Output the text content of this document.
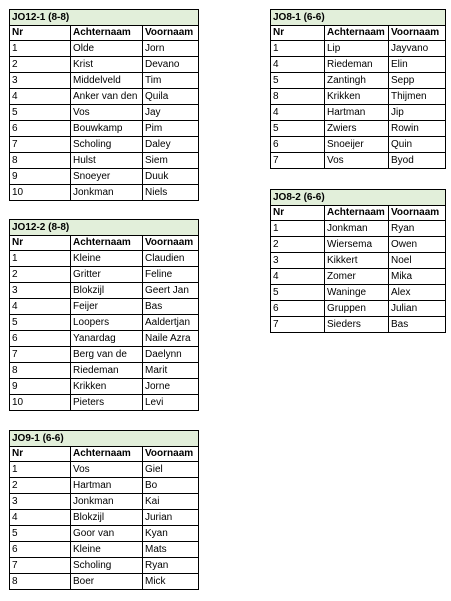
JO12-1 (8-8)		
Nr	Achternaam	Voornaam
1	Olde	Jorn
2	Krist	Devano
3	Middelveld	Tim
4	Anker van den	Quila
5	Vos	Jay
6	Bouwkamp	Pim
7	Scholing	Daley
8	Hulst	Siem
9	Snoeyer	Duuk
10	Jonkman	Niels
JO12-2 (8-8)		
Nr	Achternaam	Voornaam
1	Kleine	Claudien
2	Gritter	Feline
3	Blokzijl	Geert Jan
4	Feijer	Bas
5	Loopers	Aaldertjan
6	Yanardag	Naile Azra
7	Berg van de	Daelynn
8	Riedeman	Marit
9	Krikken	Jorne
10	Pieters	Levi
JO9-1 (6-6)		
Nr	Achternaam	Voornaam
1	Vos	Giel
2	Hartman	Bo
3	Jonkman	Kai
4	Blokzijl	Jurian
5	Goor van	Kyan
6	Kleine	Mats
7	Scholing	Ryan
8	Boer	Mick
JO8-1 (6-6)		
Nr	Achternaam	Voornaam
1	Lip	Jayvano
4	Riedeman	Elin
5	Zantingh	Sepp
8	Krikken	Thijmen
4	Hartman	Jip
5	Zwiers	Rowin
6	Snoeijer	Quin
7	Vos	Byod
JO8-2 (6-6)		
Nr	Achternaam	Voornaam
1	Jonkman	Ryan
2	Wiersema	Owen
3	Kikkert	Noel
4	Zomer	Mika
5	Waninge	Alex
6	Gruppen	Julian
7	Sieders	Bas
